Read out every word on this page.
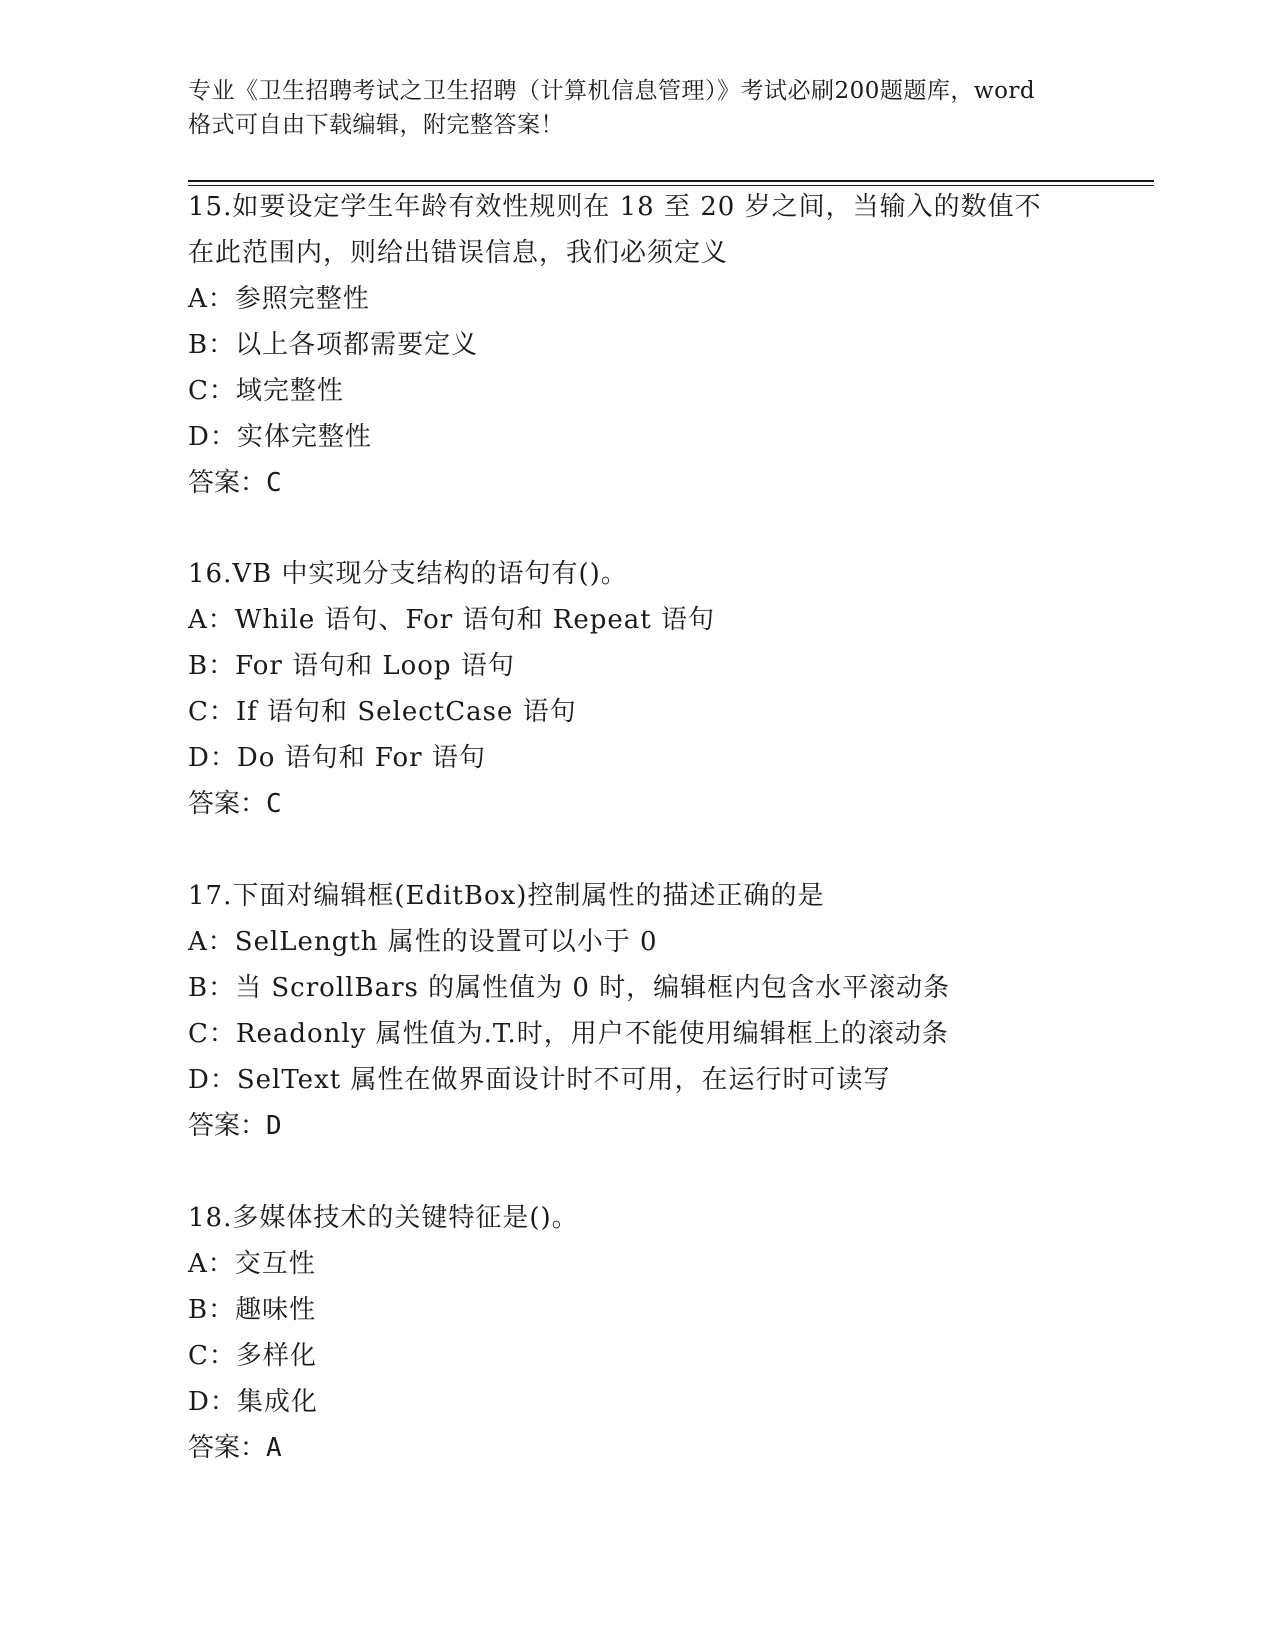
专业《卫生招聘考试之卫生招聘（计算机信息管理）》考试必刷200题题库，word
格式可自由下载编辑，附完整答案！
15.如要设定学生年龄有效性规则在 18 至 20 岁之间，当输入的数值不
在此范围内，则给出错误信息，我们必须定义
A：参照完整性
B：以上各项都需要定义
C：域完整性
D：实体完整性
答案：C
16.VB 中实现分支结构的语句有()。
A：While 语句、For 语句和 Repeat 语句
B：For 语句和 Loop 语句
C：If 语句和 SelectCase 语句
D：Do 语句和 For 语句
答案：C
17.下面对编辑框(EditBox)控制属性的描述正确的是
A：SelLength 属性的设置可以小于 0
B：当 ScrollBars 的属性值为 0 时，编辑框内包含水平滚动条
C：Readonly 属性值为.T.时，用户不能使用编辑框上的滚动条
D：SelText 属性在做界面设计时不可用，在运行时可读写
答案：D
18.多媒体技术的关键特征是()。
A：交互性
B：趣味性
C：多样化
D：集成化
答案：A
